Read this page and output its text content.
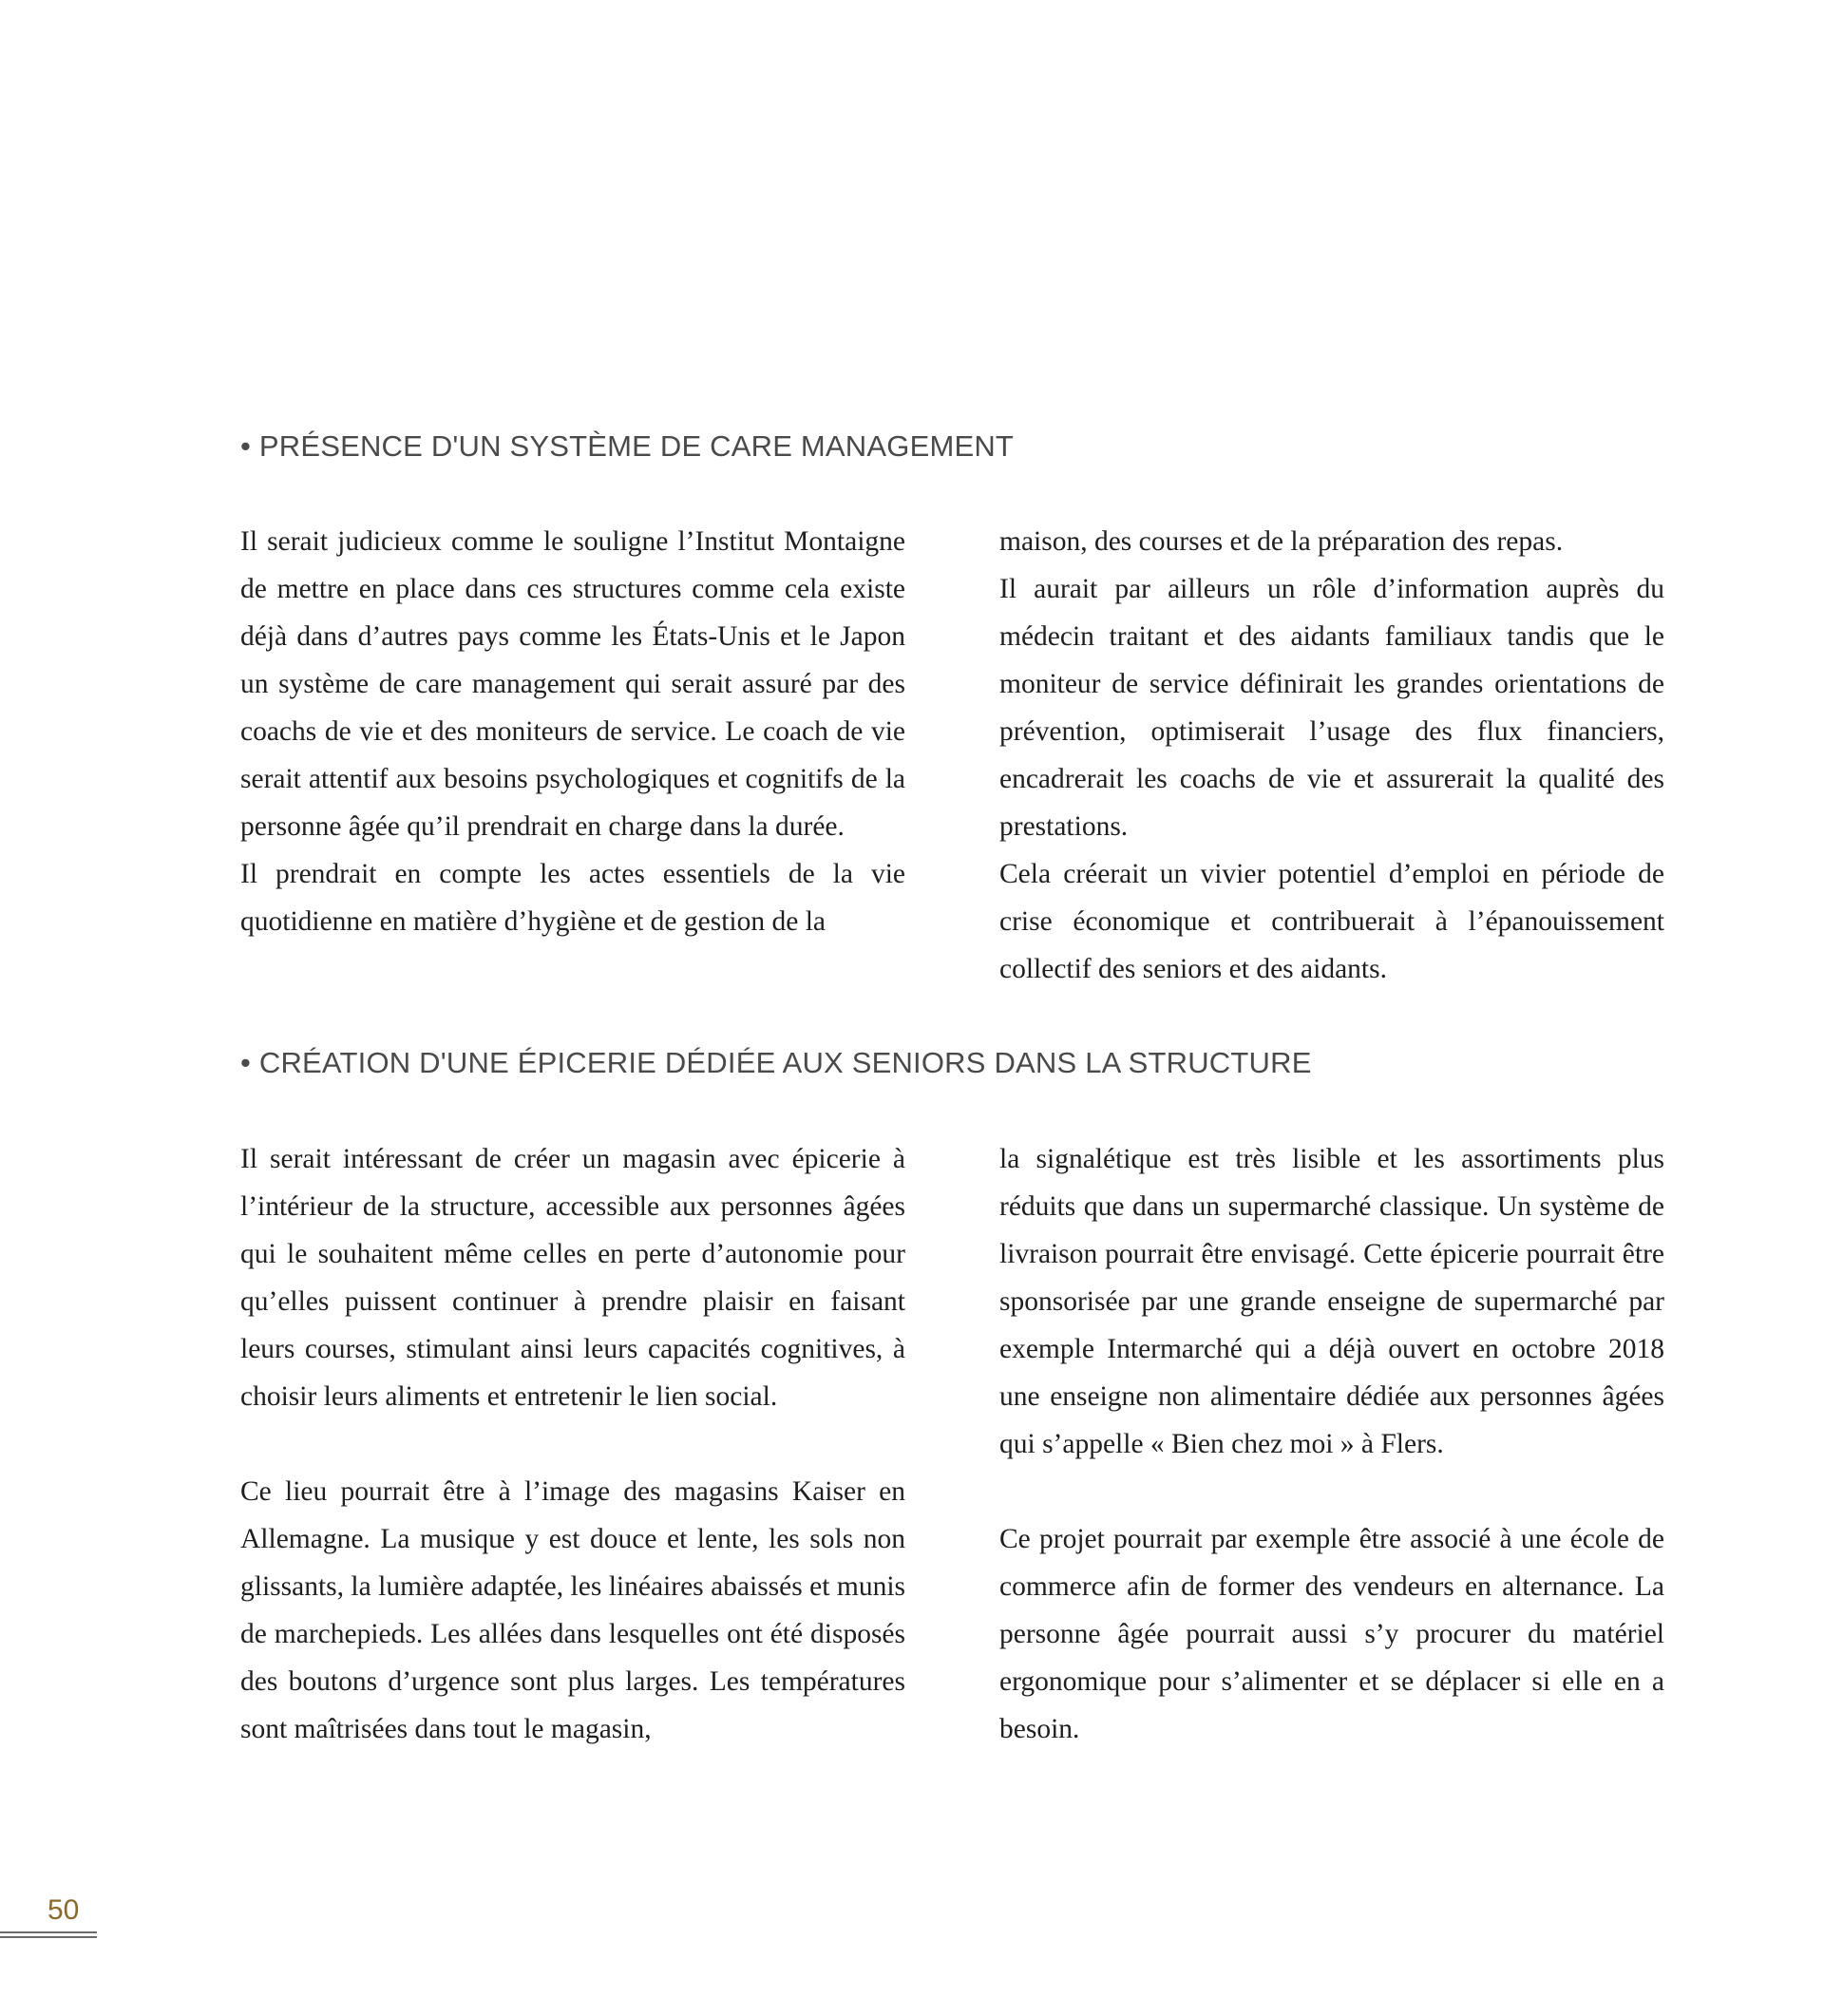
• PRÉSENCE D'UN SYSTÈME DE CARE MANAGEMENT

Il serait judicieux comme le souligne l’Institut Montaigne de mettre en place dans ces structures comme cela existe déjà dans d’autres pays comme les États-Unis et le Japon un système de care management qui serait assuré par des coachs de vie et des moniteurs de service. Le coach de vie serait attentif aux besoins psychologiques et cognitifs de la personne âgée qu’il prendrait en charge dans la durée.

Il prendrait en compte les actes essentiels de la vie quotidienne en matière d’hygiène et de gestion de la

maison, des courses et de la préparation des repas.

Il aurait par ailleurs un rôle d’information auprès du médecin traitant et des aidants familiaux tandis que le moniteur de service définirait les grandes orientations de prévention, optimiserait l’usage des flux financiers, encadrerait les coachs de vie et assurerait la qualité des prestations.

Cela créerait un vivier potentiel d’emploi en période de crise économique et contribuerait à l’épanouissement collectif des seniors et des aidants.

• CRÉATION D'UNE ÉPICERIE DÉDIÉE AUX SENIORS DANS LA STRUCTURE

Il serait intéressant de créer un magasin avec épicerie à l’intérieur de la structure, accessible aux personnes âgées qui le souhaitent même celles en perte d’autonomie pour qu’elles puissent continuer à prendre plaisir en faisant leurs courses, stimulant ainsi leurs capacités cognitives, à choisir leurs aliments et entretenir le lien social.

Ce lieu pourrait être à l’image des magasins Kaiser en Allemagne. La musique y est douce et lente, les sols non glissants, la lumière adaptée, les linéaires abaissés et munis de marchepieds. Les allées dans lesquelles ont été disposés des boutons d’urgence sont plus larges. Les températures sont maîtrisées dans tout le magasin,

la signalétique est très lisible et les assortiments plus réduits que dans un supermarché classique. Un système de livraison pourrait être envisagé. Cette épicerie pourrait être sponsorisée par une grande enseigne de supermarché par exemple Intermarché qui a déjà ouvert en octobre 2018 une enseigne non alimentaire dédiée aux personnes âgées qui s’appelle « Bien chez moi » à Flers.

Ce projet pourrait par exemple être associé à une école de commerce afin de former des vendeurs en alternance. La personne âgée pourrait aussi s’y procurer du matériel ergonomique pour s’alimenter et se déplacer si elle en a besoin.

50
